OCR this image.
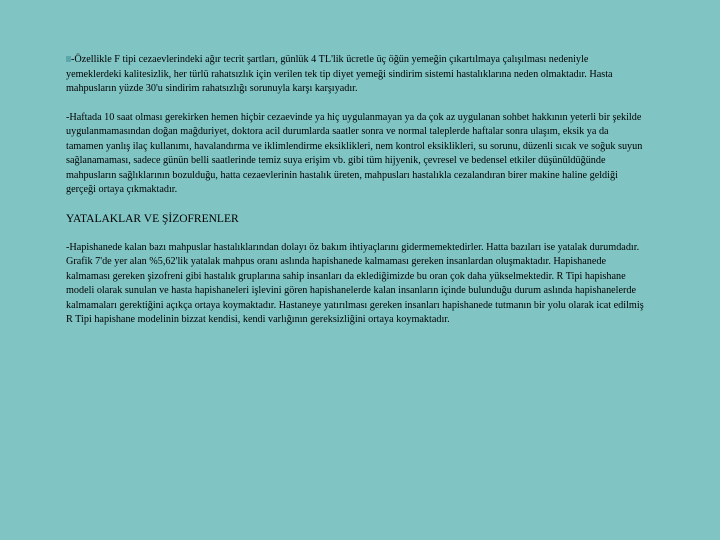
-Özellikle F tipi cezaevlerindeki ağır tecrit şartları, günlük 4 TL'lik ücretle üç öğün yemeğin çıkartılmaya çalışılması nedeniyle yemeklerdeki kalitesizlik, her türlü rahatsızlık için verilen tek tip diyet yemeği sindirim sistemi hastalıklarına neden olmaktadır. Hasta mahpusların yüzde 30'u sindirim rahatsızlığı sorunuyla karşı karşıyadır.

-Haftada 10 saat olması gerekirken hemen hiçbir cezaevinde ya hiç uygulanmayan ya da çok az uygulanan sohbet hakkının yeterli bir şekilde uygulanmamasından doğan mağduriyet, doktora acil durumlarda saatler sonra ve normal taleplerde haftalar sonra ulaşım, eksik ya da tamamen yanlış ilaç kullanımı, havalandırma ve iklimlendirme eksiklikleri, nem kontrol eksiklikleri, su sorunu, düzenli sıcak ve soğuk suyun sağlanamaması, sadece günün belli saatlerinde temiz suya erişim vb. gibi tüm hijyenik, çevresel ve bedensel etkiler düşünüldüğünde mahpusların sağlıklarının bozulduğu, hatta cezaevlerinin hastalık üreten, mahpusları hastalıkla cezalandıran birer makine haline geldiği gerçeği ortaya çıkmaktadır.

YATALAKLAR VE ŞİZOFRENLER

-Hapishanede kalan bazı mahpuslar hastalıklarından dolayı öz bakım ihtiyaçlarını gidermemektedirler. Hatta bazıları ise yatalak durumdadır. Grafik 7'de yer alan %5,62'lik yatalak mahpus oranı aslında hapishanede kalmaması gereken insanlardan oluşmaktadır. Hapishanede kalmaması gereken şizofreni gibi hastalık gruplarına sahip insanları da eklediğimizde bu oran çok daha yükselmektedir. R Tipi hapishane modeli olarak sunulan ve hasta hapishaneleri işlevini gören hapishanelerde kalan insanların içinde bulunduğu durum aslında hapishanelerde kalmamaları gerektiğini açıkça ortaya koymaktadır. Hastaneye yatırılması gereken insanları hapishanede tutmanın bir yolu olarak icat edilmiş R Tipi hapishane modelinin bizzat kendisi, kendi varlığının gereksizliğini ortaya koymaktadır.
